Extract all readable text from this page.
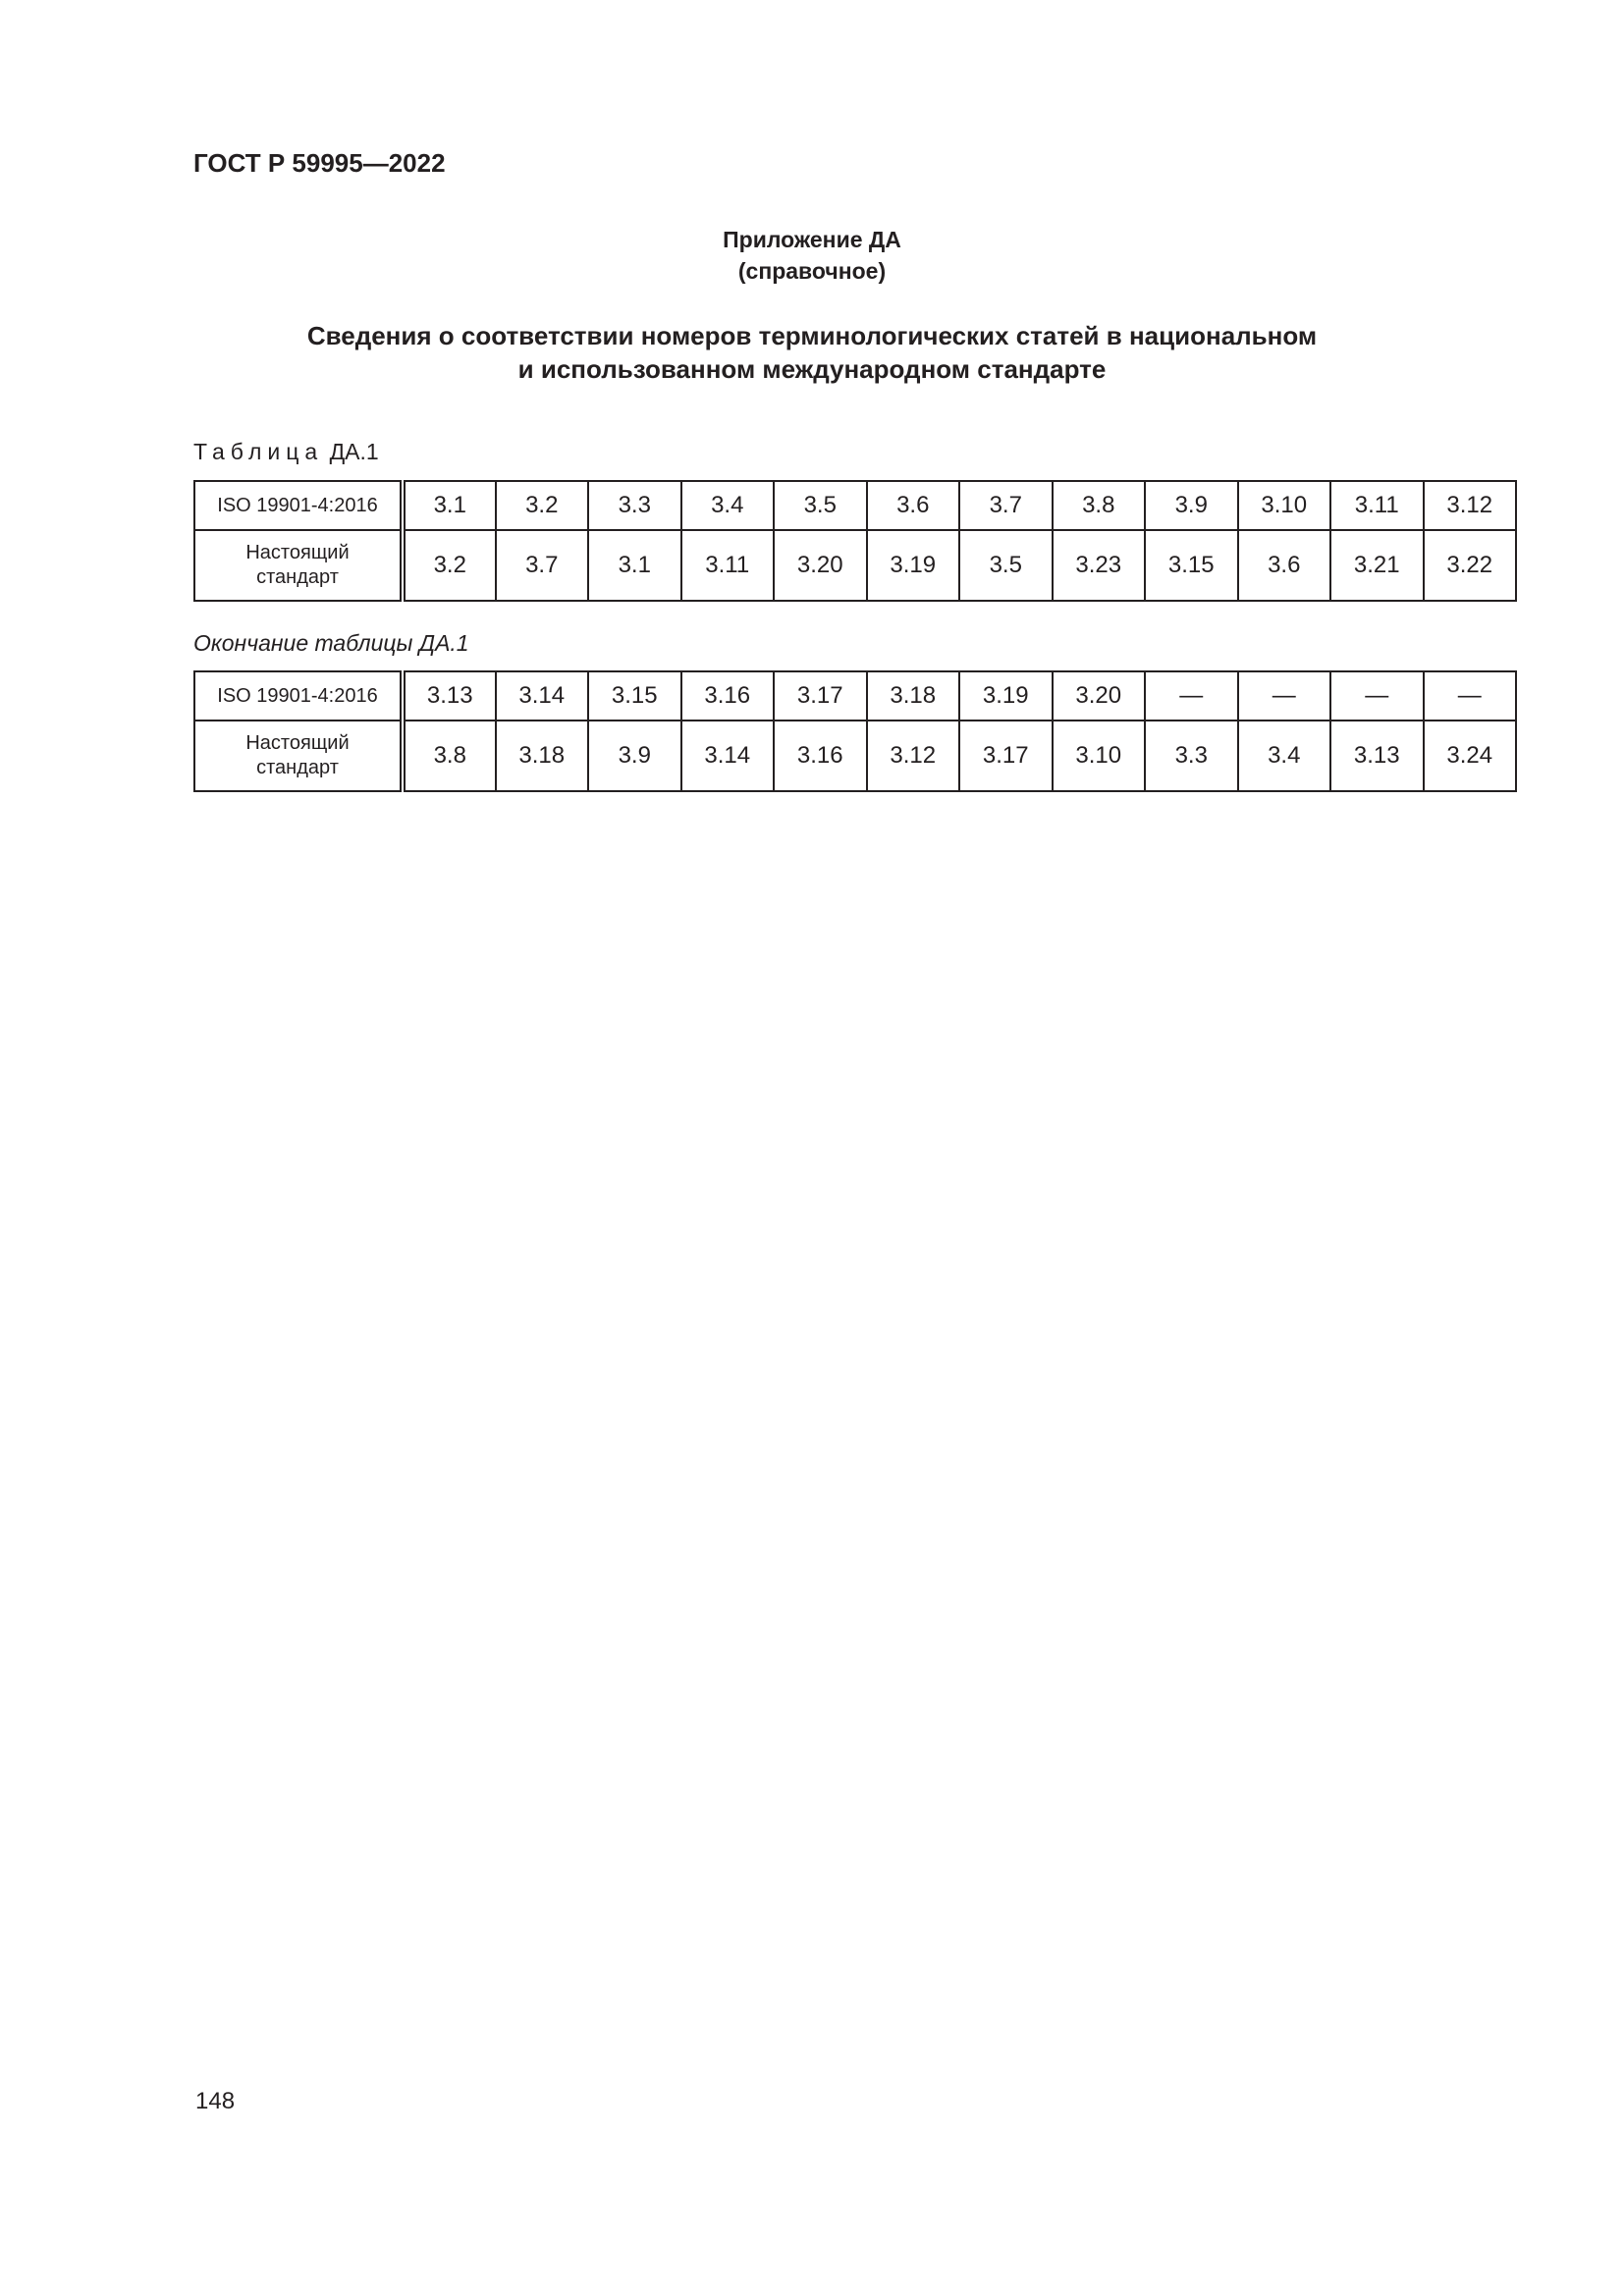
ГОСТ Р 59995—2022
Приложение ДА
(справочное)
Сведения о соответствии номеров терминологических статей в национальном
и использованном международном стандарте
Таблица ДА.1
ISO 19901-4:2016	3.1	3.2	3.3	3.4	3.5	3.6	3.7	3.8	3.9	3.10	3.11	3.12
Настоящий
стандарт	3.2	3.7	3.1	3.11	3.20	3.19	3.5	3.23	3.15	3.6	3.21	3.22
Окончание таблицы ДА.1
ISO 19901-4:2016	3.13	3.14	3.15	3.16	3.17	3.18	3.19	3.20	—	—	—	—
Настоящий
стандарт	3.8	3.18	3.9	3.14	3.16	3.12	3.17	3.10	3.3	3.4	3.13	3.24
148
